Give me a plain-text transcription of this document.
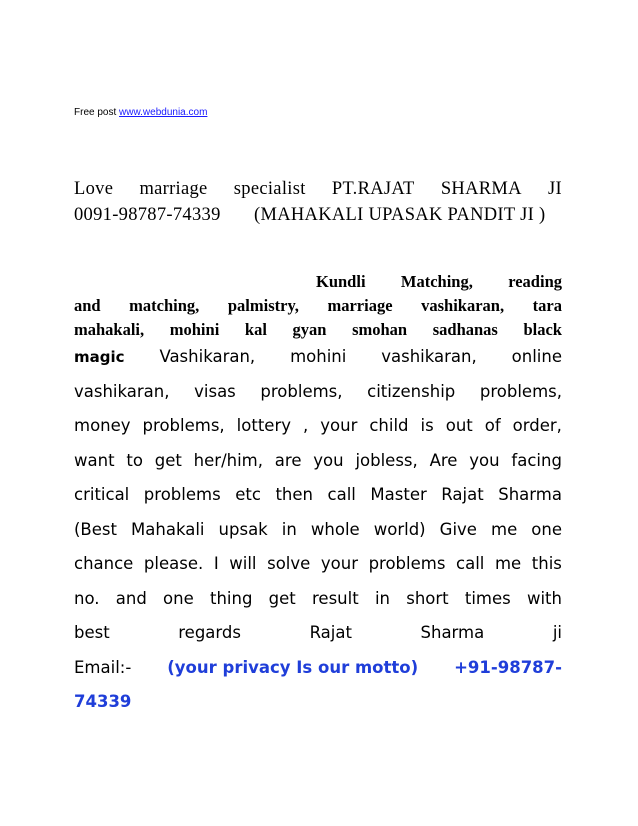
Free post www.webdunia.com
Love marriage specialist PT.RAJAT SHARMA JI
0091-98787-74339	(MAHAKALI UPASAK PANDIT JI )
Kundli Matching, reading
and matching, palmistry, marriage vashikaran, tara
mahakali, mohini kal gyan smohan sadhanas black
magic Vashikaran, mohini vashikaran, online
vashikaran, visas problems, citizenship problems,
money problems, lottery , your child is out of order,
want to get her/him, are you jobless, Are you facing
critical problems etc then call Master Rajat Sharma
(Best Mahakali upsak in whole world) Give me one
chance please. I will solve your problems call me this
no. and one thing get result in short times with
best	regards	Rajat	Sharma	ji
Email:- (your privacy Is our motto) +91-98787-
74339
